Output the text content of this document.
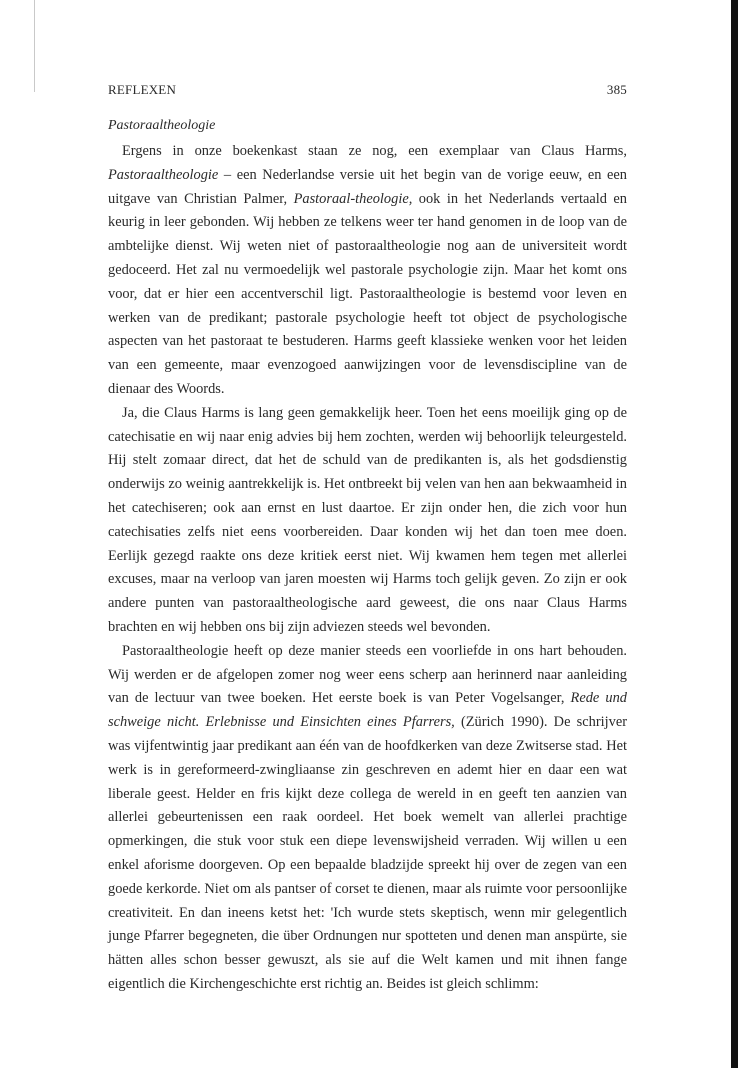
REFLEXEN	385
Pastoraaltheologie

Ergens in onze boekenkast staan ze nog, een exemplaar van Claus Harms, Pastoraaltheologie – een Nederlandse versie uit het begin van de vorige eeuw, en een uitgave van Christian Palmer, Pastoraal-theologie, ook in het Nederlands vertaald en keurig in leer gebonden. Wij hebben ze telkens weer ter hand genomen in de loop van de ambtelijke dienst. Wij weten niet of pastoraaltheologie nog aan de universiteit wordt gedoceerd. Het zal nu vermoedelijk wel pastorale psychologie zijn. Maar het komt ons voor, dat er hier een accentverschil ligt. Pastoraaltheologie is bestemd voor leven en werken van de predikant; pastorale psychologie heeft tot object de psychologische aspecten van het pastoraat te bestuderen. Harms geeft klassieke wenken voor het leiden van een gemeente, maar evenzogoed aanwijzingen voor de levensdiscipline van de dienaar des Woords.

Ja, die Claus Harms is lang geen gemakkelijk heer. Toen het eens moeilijk ging op de catechisatie en wij naar enig advies bij hem zochten, werden wij behoorlijk teleurgesteld. Hij stelt zomaar direct, dat het de schuld van de predikanten is, als het godsdienstig onderwijs zo weinig aantrekkelijk is. Het ontbreekt bij velen van hen aan bekwaamheid in het catechiseren; ook aan ernst en lust daartoe. Er zijn onder hen, die zich voor hun catechisaties zelfs niet eens voorbereiden. Daar konden wij het dan toen mee doen. Eerlijk gezegd raakte ons deze kritiek eerst niet. Wij kwamen hem tegen met allerlei excuses, maar na verloop van jaren moesten wij Harms toch gelijk geven. Zo zijn er ook andere punten van pastoraaltheologische aard geweest, die ons naar Claus Harms brachten en wij hebben ons bij zijn adviezen steeds wel bevonden.

Pastoraaltheologie heeft op deze manier steeds een voorliefde in ons hart behouden. Wij werden er de afgelopen zomer nog weer eens scherp aan herinnerd naar aanleiding van de lectuur van twee boeken. Het eerste boek is van Peter Vogelsanger, Rede und schweige nicht. Erlebnisse und Einsichten eines Pfarrers, (Zürich 1990). De schrijver was vijfentwintig jaar predikant aan één van de hoofdkerken van deze Zwitserse stad. Het werk is in gereformeerd-zwingliaanse zin geschreven en ademt hier en daar een wat liberale geest. Helder en fris kijkt deze collega de wereld in en geeft ten aanzien van allerlei gebeurtenissen een raak oordeel. Het boek wemelt van allerlei prachtige opmerkingen, die stuk voor stuk een diepe levenswijsheid verraden. Wij willen u een enkel aforisme doorgeven. Op een bepaalde bladzijde spreekt hij over de zegen van een goede kerkorde. Niet om als pantser of corset te dienen, maar als ruimte voor persoonlijke creativiteit. En dan ineens ketst het: 'Ich wurde stets skeptisch, wenn mir gelegentlich junge Pfarrer begegneten, die über Ordnungen nur spotteten und denen man anspürte, sie hätten alles schon besser gewuszt, als sie auf die Welt kamen und mit ihnen fange eigentlich die Kirchengeschichte erst richtig an. Beides ist gleich schlimm:
